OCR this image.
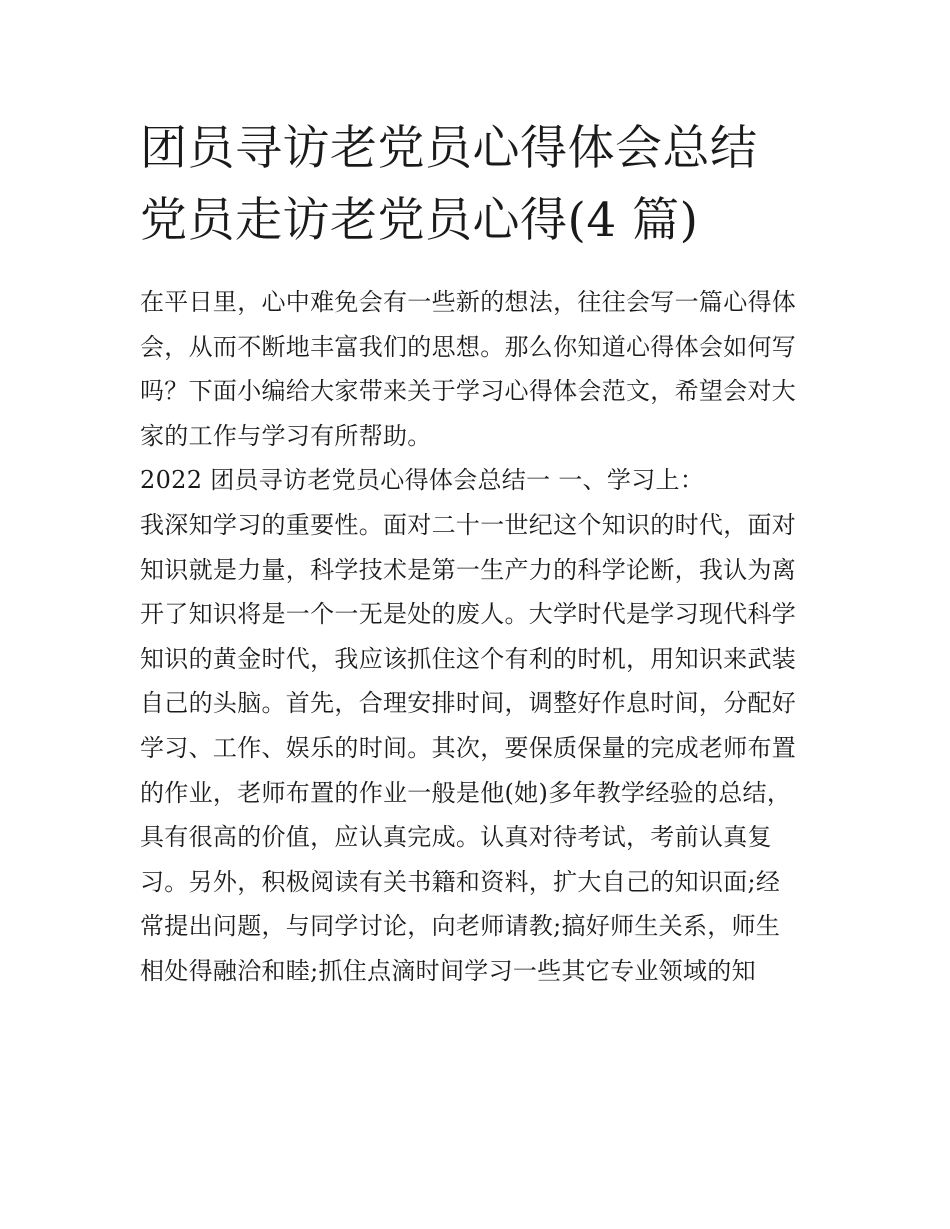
团员寻访老党员心得体会总结
党员走访老党员心得(4 篇)
在平日里，心中难免会有一些新的想法，往往会写一篇心得体
会，从而不断地丰富我们的思想。那么你知道心得体会如何写
吗？下面小编给大家带来关于学习心得体会范文，希望会对大
家的工作与学习有所帮助。
2022 团员寻访老党员心得体会总结一 一、学习上：
我深知学习的重要性。面对二十一世纪这个知识的时代，面对
知识就是力量，科学技术是第一生产力的科学论断，我认为离
开了知识将是一个一无是处的废人。大学时代是学习现代科学
知识的黄金时代，我应该抓住这个有利的时机，用知识来武装
自己的头脑。首先，合理安排时间，调整好作息时间，分配好
学习、工作、娱乐的时间。其次，要保质保量的完成老师布置
的作业，老师布置的作业一般是他(她)多年教学经验的总结，
具有很高的价值，应认真完成。认真对待考试，考前认真复
习。另外，积极阅读有关书籍和资料，扩大自己的知识面;经
常提出问题，与同学讨论，向老师请教;搞好师生关系，师生
相处得融洽和睦;抓住点滴时间学习一些其它专业领域的知
